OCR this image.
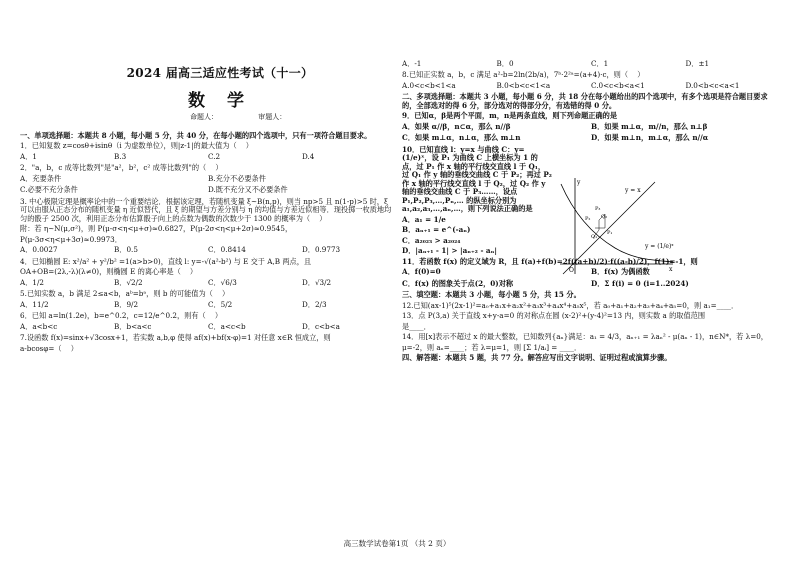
2024 届高三适应性考试（十一）
数 学
命题人：	审题人：
一、单项选择题：本题共 8 小题，每小题 5 分，共 40 分，在每小题的四个选项中，只有一项符合题目要求。
1．已知复数 z=cosθ+isinθ（i 为虚数单位），则|z-1|的最大值为（    ）
A．1	B.3	C.2	D.4
2．"a，b，c 成等比数列"是"a²，b²，c² 成等比数列"的（    ）
A．充要条件	B.充分不必要条件
C.必要不充分条件	D.既不充分又不必要条件
3. 中心极限定理是概率论中的一个重要结论．根据该定理，若随机变量 ξ~B(n,p)，则当 np>5 且 n(1-p)>5 时，ξ 可以由服从正态分布的随机变量 η 近似替代，且 ξ 的期望与方差分别与 η 的均值与方差近似相等．现投掷一枚质地均匀的骰子 2500 次，利用正态分布估算骰子向上的点数为偶数的次数少于 1300 的概率为（    ）
附：若 η~N(μ,σ²)，则 P(μ-σ<η<μ+σ)≈0.6827，P(μ-2σ<η<μ+2σ)≈0.9545，
P(μ-3σ<η<μ+3σ)≈0.9973．
A．0.0027	B．0.5	C．0.8414	D．0.9773
4．已知椭圆 E: x²/a² + y²/b² =1(a>b>0)，直线 l: y=-√(a²-b²) 与 E 交于 A,B 两点，且
OA+OB=(2λ,-λ)(λ≠0)，则椭圆 E 的离心率是（    ）
A．1/2	B．√2/2	C．√6/3	D．√3/2
5.已知实数 a，b 满足 2≤a<b，aᵇ=bᵃ，则 b 的可能值为（    ）
A．11/2	B．9/2	C．5/2	D．2/3
6．已知 a=ln(1.2e)，b=e^0.2，c=12/e^0.2，则有（    ）
A．a<b<c	B．b<a<c	C．a<c<b	D．c<b<a
7.设函数 f(x)=sinx+√3cosx+1，若实数 a,b,φ 使得 af(x)+bf(x-φ)=1 对任意 x∈R 恒成立，则
a-bcosφ=（    ）
A．-1	B．0	C．1	D．±1
8.已知正实数 a，b，c 满足 a²-b=2ln(2b/a)，7ᵇ·2²ᵃ=(a+4)·c，则（    ）
A.0<c<b<1<a	B.0<b<c<1<a	C.0<c<b<a<1	D.0<b<c<a<1
二、多项选择题：本题共 3 小题，每小题 6 分，共 18 分在每小题给出的四个选项中，有多个选项是符合题目要求的，全部选对的得 6 分，部分选对的得部分分，有选错的得 0 分。
9．已知α，β是两个平面，m，n是两条直线，则下列命题正确的是
A．如果 α//β，n⊂α，那么 n//β	B．如果 m⊥α，m//n，那么 n⊥β
C．如果 m⊥α，n⊥α，那么 m⊥n	D．如果 m⊥n，m⊥α，那么 n//α
10．已知直线 l：y=x 与曲线 C：y=(1/e)ˣ，设 P₁ 为曲线 C 上横坐标为 1 的点，过 P₁ 作 x 轴的平行线交直线 l 于 Q₁，过 Q₁ 作 y 轴的垂线交曲线 C 于 P₂；再过 P₂ 作 x 轴的平行线交直线 l 于 Q₂，过 Q₂ 作 y 轴的垂线交曲线 C 于 P₃……，设点 P₁,P₂,P₃,…,Pₙ,… 的纵坐标分别为 a₁,a₂,a₃,…,aₙ,…，则下列说法正确的是
A．a₁ = 1/e
B．aₙ₊₁ = e^(-aₙ)
C．a₂₀₂₃ > a₂₀₂₄
D．|aₙ₊₁ - 1| > |aₙ₊₂ - aₙ|
11．若函数 f(x) 的定义域为 R，且 f(a)+f(b)=2f((a+b)/2)·f((a-b)/2)，f(1)=-1，则
A．f(0)=0	B．f(x) 为偶函数
C．f(x) 的图象关于点(2，0)对称	D．Σ f(i) = 0 (i=1..2024)
三、填空题：本题共 3 小题，每小题 5 分，共 15 分。
12.已知(ax-1)⁵(2x-1)²=a₀+a₁x+a₂x²+a₃x³+a₄x⁴+a₅x⁵，若 a₀+a₁+a₂+a₃+a₄+a₅=0，则 a₁=____．
13．点 P(3,a) 关于直线 x+y-a=0 的对称点在圆 (x-2)²+(y-4)²=13 内，则实数 a 的取值范围
是____．
14．用[x]表示不超过 x 的最大整数，已知数列{aₙ}满足：a₁ = 4/3，aₙ₊₁ = λaₙ² - μ(aₙ - 1)，n∈N*，若 λ=0，
μ=-2，则 aₙ=____；若 λ=μ=1，则 [Σ 1/aᵢ] = ____．
四、解答题：本题共 5 题，共 77 分。解答应写出文字说明、证明过程或演算步骤。
y = x
y = (1/e)ˣ
x
y
O
P₁
P₂
P₃
Q₁
Q₂
高三数学试卷第1页 （共 2 页）
